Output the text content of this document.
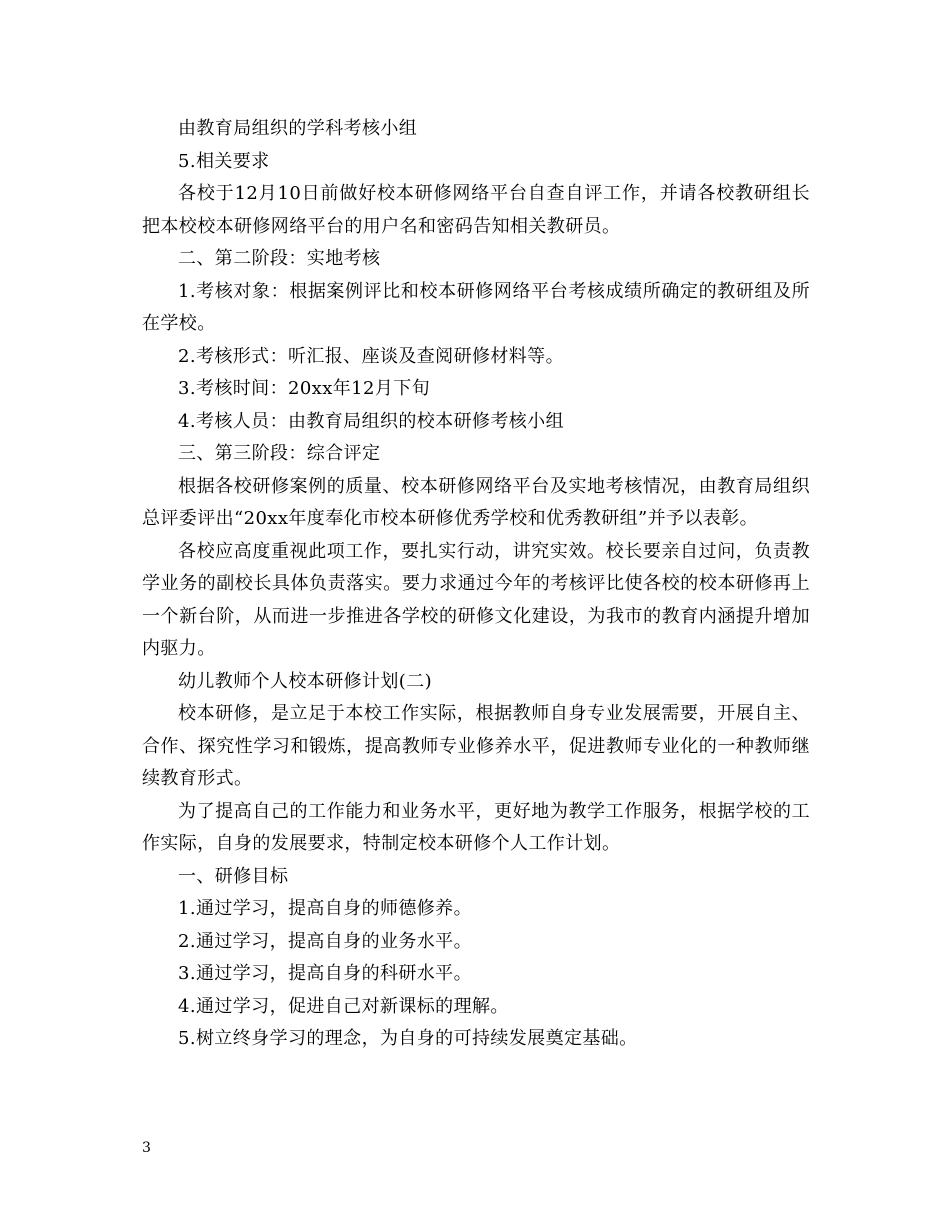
由教育局组织的学科考核小组

5.相关要求

各校于12月10日前做好校本研修网络平台自查自评工作，并请各校教研组长把本校校本研修网络平台的用户名和密码告知相关教研员。

二、第二阶段：实地考核

1.考核对象：根据案例评比和校本研修网络平台考核成绩所确定的教研组及所在学校。

2.考核形式：听汇报、座谈及查阅研修材料等。

3.考核时间：20xx年12月下旬

4.考核人员：由教育局组织的校本研修考核小组

三、第三阶段：综合评定

根据各校研修案例的质量、校本研修网络平台及实地考核情况，由教育局组织总评委评出“20xx年度奉化市校本研修优秀学校和优秀教研组”并予以表彰。

各校应高度重视此项工作，要扎实行动，讲究实效。校长要亲自过问，负责教学业务的副校长具体负责落实。要力求通过今年的考核评比使各校的校本研修再上一个新台阶，从而进一步推进各学校的研修文化建设，为我市的教育内涵提升增加内驱力。

幼儿教师个人校本研修计划(二)

校本研修，是立足于本校工作实际，根据教师自身专业发展需要，开展自主、合作、探究性学习和锻炼，提高教师专业修养水平，促进教师专业化的一种教师继续教育形式。

为了提高自己的工作能力和业务水平，更好地为教学工作服务，根据学校的工作实际，自身的发展要求，特制定校本研修个人工作计划。

一、研修目标

1.通过学习，提高自身的师德修养。

2.通过学习，提高自身的业务水平。

3.通过学习，提高自身的科研水平。

4.通过学习，促进自己对新课标的理解。

5.树立终身学习的理念，为自身的可持续发展奠定基础。

3
